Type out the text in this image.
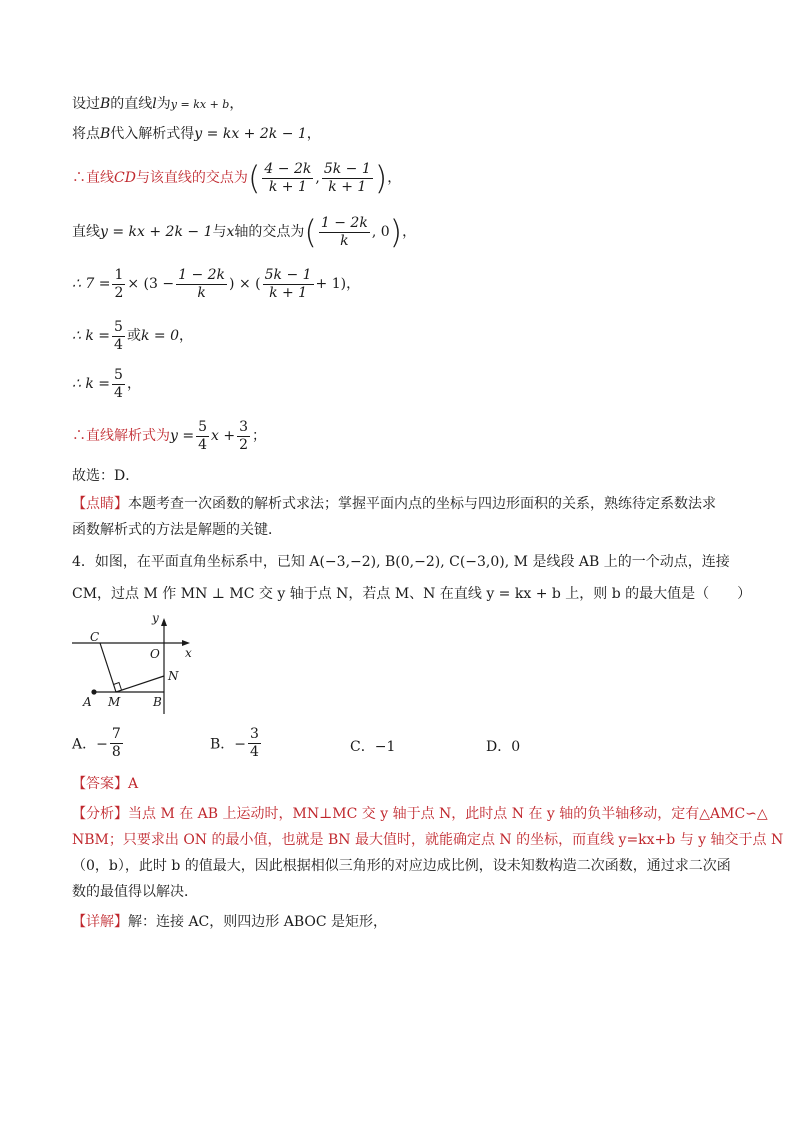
设过B的直线l为y = kx + b，
将点B代入解析式得y = kx + 2k − 1，
∴直线CD与该直线的交点为( $\frac{4 - 2k}{k + 1}$ , $\frac{5k - 1}{k + 1}$ )，
直线y = kx + 2k − 1与x轴的交点为( $\frac{1 - 2k}{k}$ , 0)，
∴ $7 = \frac{1}{2} \times (3 - \frac{1 - 2k}{k}$ ) × ( $\frac{5k - 1}{k + 1} + 1$)，
∴ $k = \frac{5}{4}$ 或k = 0，
∴ $k = \frac{5}{4}$ ，
∴直线解析式为$y = \frac{5}{4}$ $x + \frac{3}{2}$ ；
故选：D．
【点睛】本题考查一次函数的解析式求法；掌握平面内点的坐标与四边形面积的关系，熟练待定系数法求
函数解析式的方法是解题的关键．
4．如图，在平面直角坐标系中，已知 A(−3,−2), B(0,−2), C(−3,0), M 是线段 AB 上的一个动点，连接
CM，过点 M 作 MN ⊥ MC 交 y 轴于点 N，若点 M、N 在直线 y = kx + b 上，则 b 的最大值是（　　）
C
y
O x
N
A M	B
A．− $\frac{7}{8}$	B．− $\frac{3}{4}$	C．−1	D．0
【答案】A
【分析】当点 M 在 AB 上运动时，MN⊥MC 交 y 轴于点 N，此时点 N 在 y 轴的负半轴移动，定有△AMC∽△
NBM；只要求出 ON 的最小值，也就是 BN 最大值时，就能确定点 N 的坐标，而直线 y=kx+b 与 y 轴交于点 N
（0，b），此时 b 的值最大，因此根据相似三角形的对应边成比例，设未知数构造二次函数，通过求二次函
数的最值得以解决．
【详解】解：连接 AC，则四边形 ABOC 是矩形，
